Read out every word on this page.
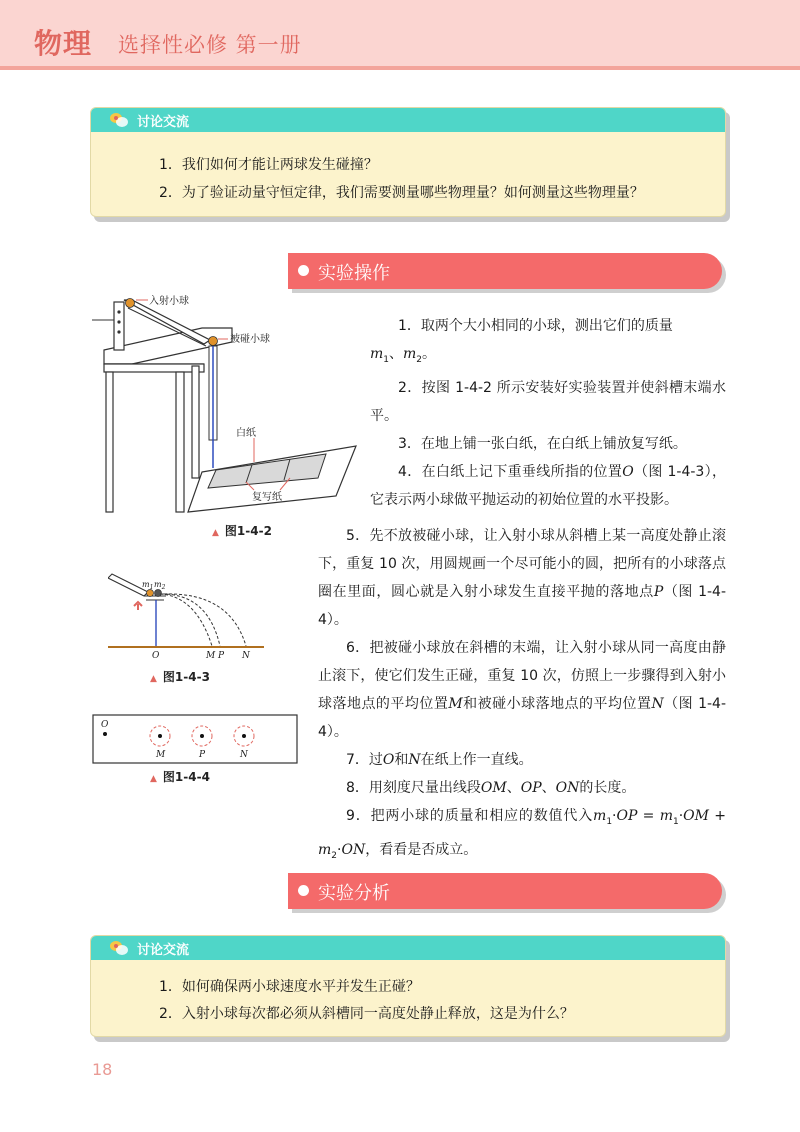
物理 选择性必修 第一册
讨论交流
1．我们如何才能让两球发生碰撞？
2．为了验证动量守恒定律，我们需要测量哪些物理量？如何测量这些物理量？
实验操作

1．取两个大小相同的小球，测出它们的质量

$m_1$、$m_2$。

2．按图 1-4-2 所示安装好实验装置并使斜槽末端水平。

3．在地上铺一张白纸，在白纸上铺放复写纸。

4．在白纸上记下重垂线所指的位置O（图 1-4-3），它表示两小球做平抛运动的初始位置的水平投影。

5．先不放被碰小球，让入射小球从斜槽上某一高度处静止滚下，重复 10 次，用圆规画一个尽可能小的圆，把所有的小球落点圈在里面，圆心就是入射小球发生直接平抛的落地点P（图 1-4-4）。

6．把被碰小球放在斜槽的末端，让入射小球从同一高度由静止滚下，使它们发生正碰，重复 10 次，仿照上一步骤得到入射小球落地点的平均位置M和被碰小球落地点的平均位置N（图 1-4-4）。

7．过O和N在纸上作一直线。

8．用刻度尺量出线段OM、OP、ON的长度。

9．把两小球的质量和相应的数值代入$m_1\cdot OP = m_1\cdot OM + m_2\cdot ON$，看看是否成立。

入射小球
被碰小球
白纸
复写纸
▲ 图1-4-2
$m_1$ $m_2$
O	M P N
▲ 图1-4-3
O
M	P	N
▲ 图1-4-4
实验分析
讨论交流
1．如何确保两小球速度水平并发生正碰？
2．入射小球每次都必须从斜槽同一高度处静止释放，这是为什么？
18
